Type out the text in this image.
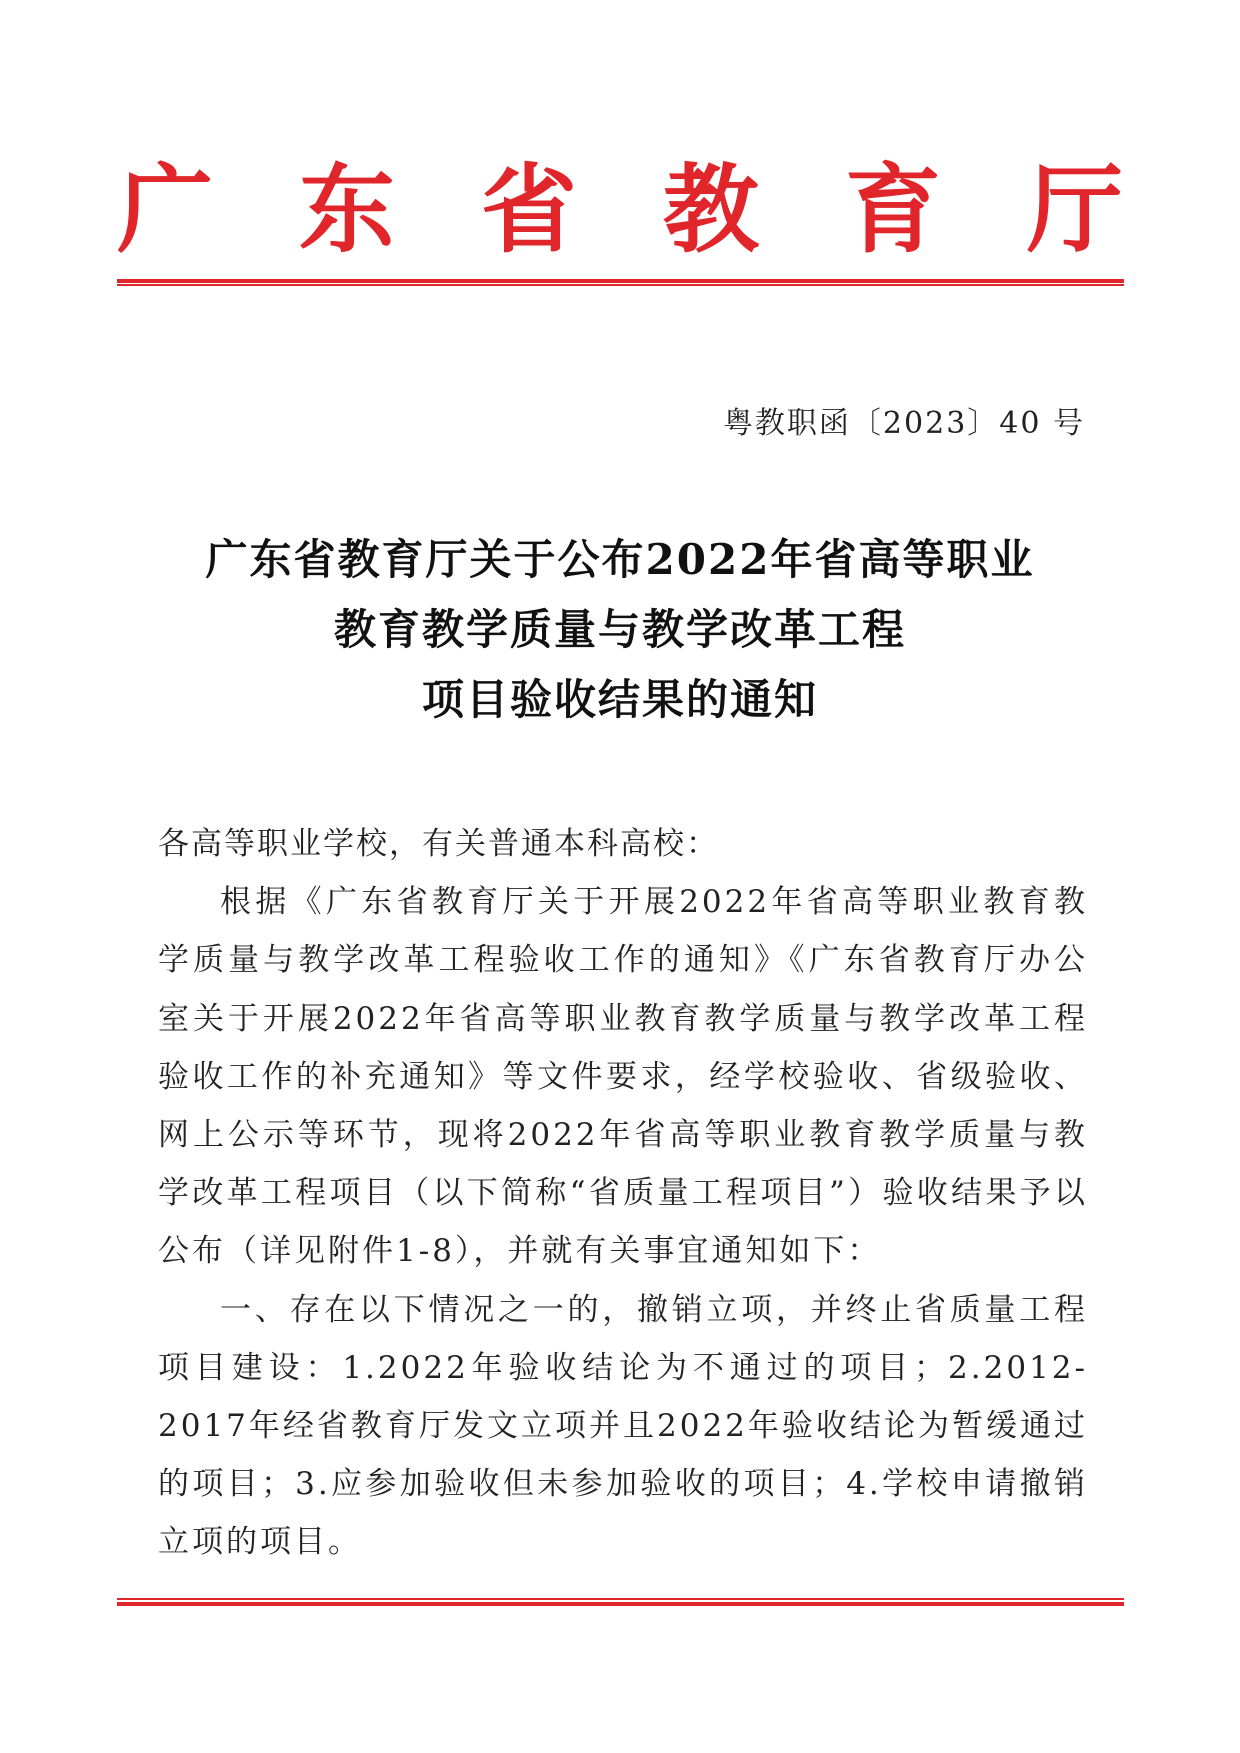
广 东 省 教 育 厅
粤教职函〔2023〕40 号
广东省教育厅关于公布2022年省高等职业
教育教学质量与教学改革工程
项目验收结果的通知

各高等职业学校，有关普通本科高校：

根据《广东省教育厅关于开展2022年省高等职业教育教学质量与教学改革工程验收工作的通知》《广东省教育厅办公室关于开展2022年省高等职业教育教学质量与教学改革工程验收工作的补充通知》等文件要求，经学校验收、省级验收、网上公示等环节，现将2022年省高等职业教育教学质量与教学改革工程项目（以下简称“省质量工程项目”）验收结果予以公布（详见附件1-8），并就有关事宜通知如下：

一、存在以下情况之一的，撤销立项，并终止省质量工程项目建设：1.2022年验收结论为不通过的项目；2.2012-2017年经省教育厅发文立项并且2022年验收结论为暂缓通过的项目；3.应参加验收但未参加验收的项目；4.学校申请撤销立项的项目。
